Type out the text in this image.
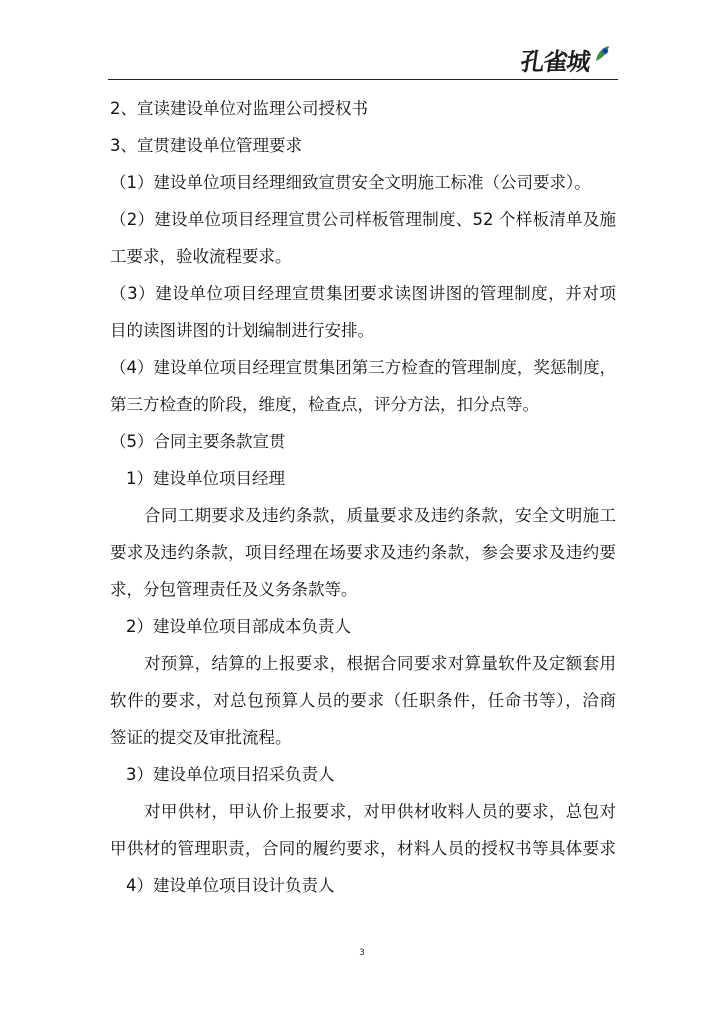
孔雀城

2、宣读建设单位对监理公司授权书

3、宣贯建设单位管理要求

（1）建设单位项目经理细致宣贯安全文明施工标准（公司要求）。

（2）建设单位项目经理宣贯公司样板管理制度、52 个样板清单及施

工要求，验收流程要求。

（3）建设单位项目经理宣贯集团要求读图讲图的管理制度，并对项

目的读图讲图的计划编制进行安排。

（4）建设单位项目经理宣贯集团第三方检查的管理制度，奖惩制度，

第三方检查的阶段，维度，检查点，评分方法，扣分点等。

（5）合同主要条款宣贯

1）建设单位项目经理

合同工期要求及违约条款，质量要求及违约条款，安全文明施工

要求及违约条款，项目经理在场要求及违约条款，参会要求及违约要

求，分包管理责任及义务条款等。

2）建设单位项目部成本负责人

对预算，结算的上报要求，根据合同要求对算量软件及定额套用

软件的要求，对总包预算人员的要求（任职条件，任命书等），洽商

签证的提交及审批流程。

3）建设单位项目招采负责人

对甲供材，甲认价上报要求，对甲供材收料人员的要求，总包对

甲供材的管理职责，合同的履约要求，材料人员的授权书等具体要求

4）建设单位项目设计负责人

3
